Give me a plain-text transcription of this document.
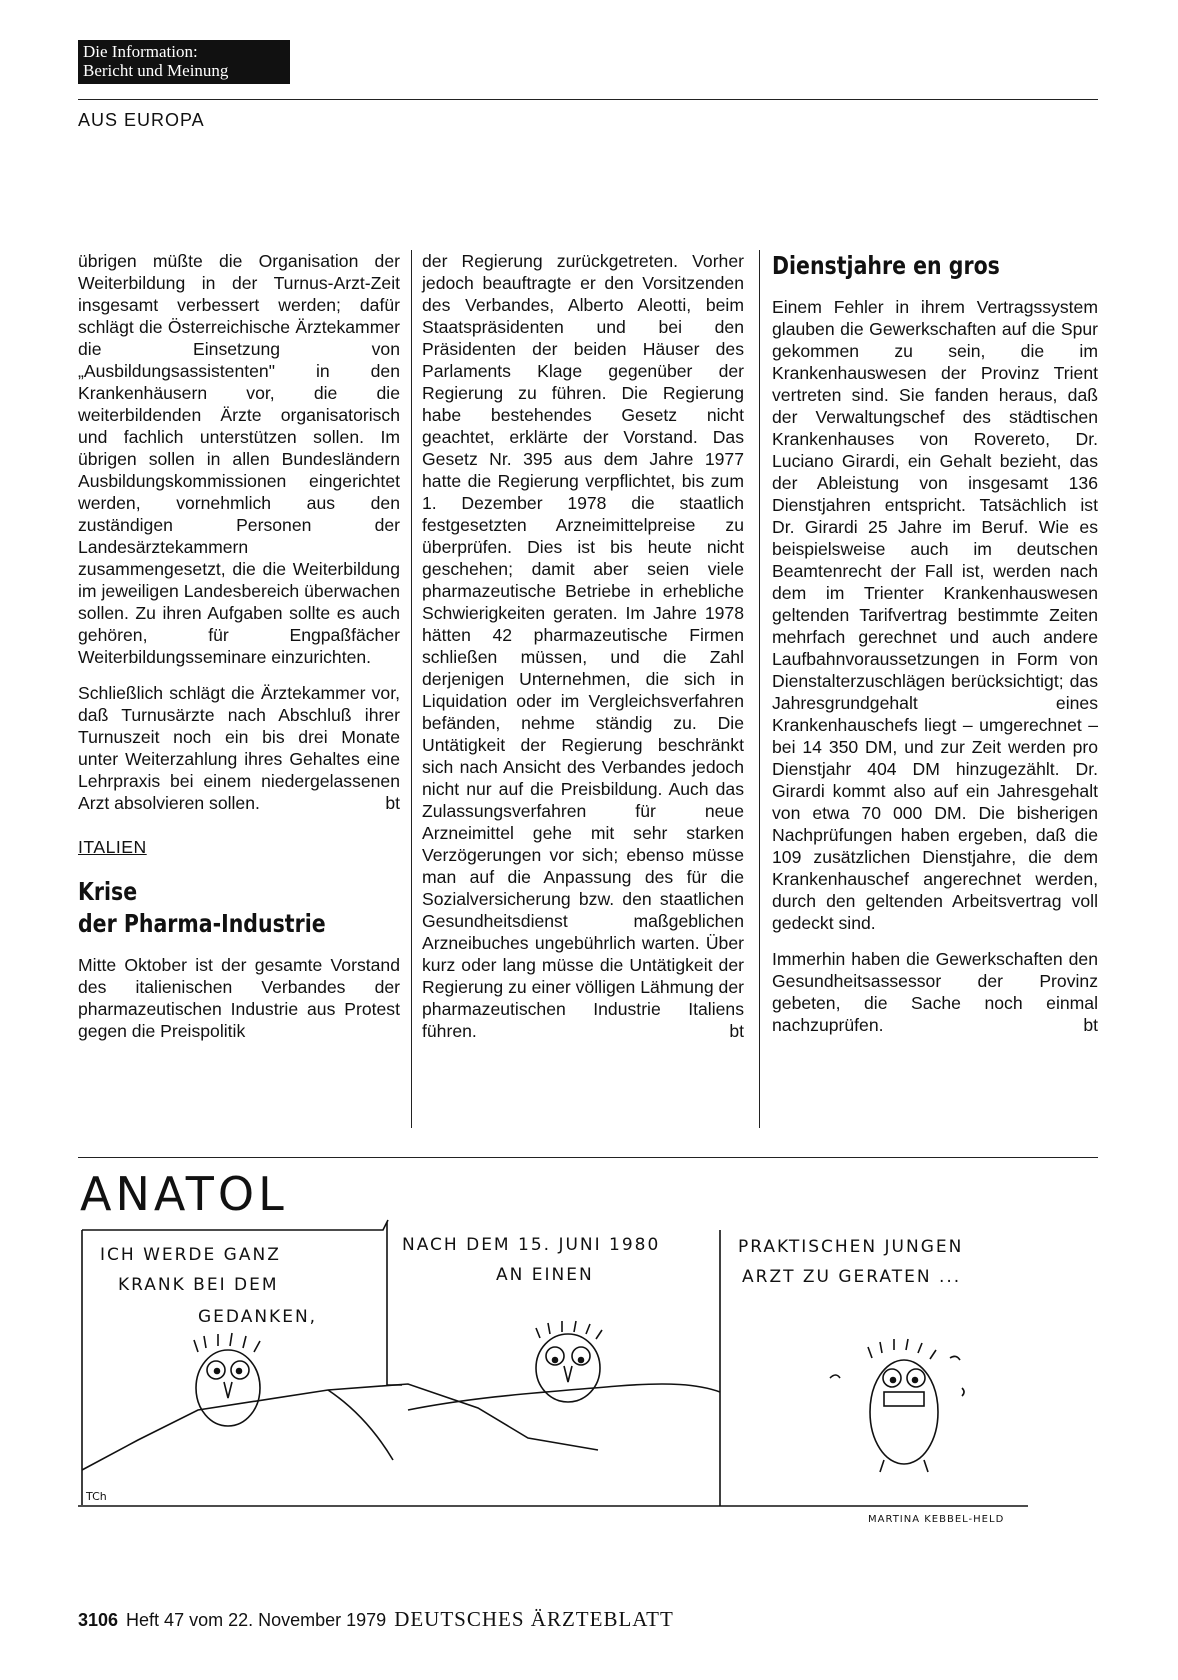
Die Information:
Bericht und Meinung
AUS EUROPA

übrigen müßte die Organisation der Weiterbildung in der Turnus-Arzt-Zeit insgesamt verbessert werden; dafür schlägt die Österreichische Ärztekammer die Einsetzung von „Ausbildungsassistenten" in den Krankenhäusern vor, die die weiterbildenden Ärzte organisatorisch und fachlich unterstützen sollen. Im übrigen sollen in allen Bundesländern Ausbildungskommissionen eingerichtet werden, vornehmlich aus den zuständigen Personen der Landesärztekammern zusammengesetzt, die die Weiterbildung im jeweiligen Landesbereich überwachen sollen. Zu ihren Aufgaben sollte es auch gehören, für Engpaßfächer Weiterbildungsseminare einzurichten.

Schließlich schlägt die Ärztekammer vor, daß Turnusärzte nach Abschluß ihrer Turnuszeit noch ein bis drei Monate unter Weiterzahlung ihres Gehaltes eine Lehrpraxis bei einem niedergelassenen Arzt absolvieren sollen.	bt

ITALIEN
Krise
der Pharma-Industrie

Mitte Oktober ist der gesamte Vorstand des italienischen Verbandes der pharmazeutischen Industrie aus Protest gegen die Preispolitik

der Regierung zurückgetreten. Vorher jedoch beauftragte er den Vorsitzenden des Verbandes, Alberto Aleotti, beim Staatspräsidenten und bei den Präsidenten der beiden Häuser des Parlaments Klage gegenüber der Regierung zu führen. Die Regierung habe bestehendes Gesetz nicht geachtet, erklärte der Vorstand. Das Gesetz Nr. 395 aus dem Jahre 1977 hatte die Regierung verpflichtet, bis zum 1. Dezember 1978 die staatlich festgesetzten Arzneimittelpreise zu überprüfen. Dies ist bis heute nicht geschehen; damit aber seien viele pharmazeutische Betriebe in erhebliche Schwierigkeiten geraten. Im Jahre 1978 hätten 42 pharmazeutische Firmen schließen müssen, und die Zahl derjenigen Unternehmen, die sich in Liquidation oder im Vergleichsverfahren befänden, nehme ständig zu. Die Untätigkeit der Regierung beschränkt sich nach Ansicht des Verbandes jedoch nicht nur auf die Preisbildung. Auch das Zulassungsverfahren für neue Arzneimittel gehe mit sehr starken Verzögerungen vor sich; ebenso müsse man auf die Anpassung des für die Sozialversicherung bzw. den staatlichen Gesundheitsdienst maßgeblichen Arzneibuches ungebührlich warten. Über kurz oder lang müsse die Untätigkeit der Regierung zu einer völligen Lähmung der pharmazeutischen Industrie Italiens führen.	bt

Dienstjahre en gros

Einem Fehler in ihrem Vertragssystem glauben die Gewerkschaften auf die Spur gekommen zu sein, die im Krankenhauswesen der Provinz Trient vertreten sind. Sie fanden heraus, daß der Verwaltungschef des städtischen Krankenhauses von Rovereto, Dr. Luciano Girardi, ein Gehalt bezieht, das der Ableistung von insgesamt 136 Dienstjahren entspricht. Tatsächlich ist Dr. Girardi 25 Jahre im Beruf. Wie es beispielsweise auch im deutschen Beamtenrecht der Fall ist, werden nach dem im Trienter Krankenhauswesen geltenden Tarifvertrag bestimmte Zeiten mehrfach gerechnet und auch andere Laufbahnvoraussetzungen in Form von Dienstalterzuschlägen berücksichtigt; das Jahresgrundgehalt eines Krankenhauschefs liegt – umgerechnet – bei 14 350 DM, und zur Zeit werden pro Dienstjahr 404 DM hinzugezählt. Dr. Girardi kommt also auf ein Jahresgehalt von etwa 70 000 DM. Die bisherigen Nachprüfungen haben ergeben, daß die 109 zusätzlichen Dienstjahre, die dem Krankenhauschef angerechnet werden, durch den geltenden Arbeitsvertrag voll gedeckt sind.

Immerhin haben die Gewerkschaften den Gesundheitsassessor der Provinz gebeten, die Sache noch einmal nachzuprüfen.	bt

ANATOL
ICH WERDE GANZ
KRANK BEI DEM
GEDANKEN,
NACH DEM 15. JUNI 1980
AN EINEN
PRAKTISCHEN JUNGEN
ARZT ZU GERATEN ...
TCh
MARTINA KEBBEL-HELD
3106 Heft 47 vom 22. November 1979 DEUTSCHES ÄRZTEBLATT
